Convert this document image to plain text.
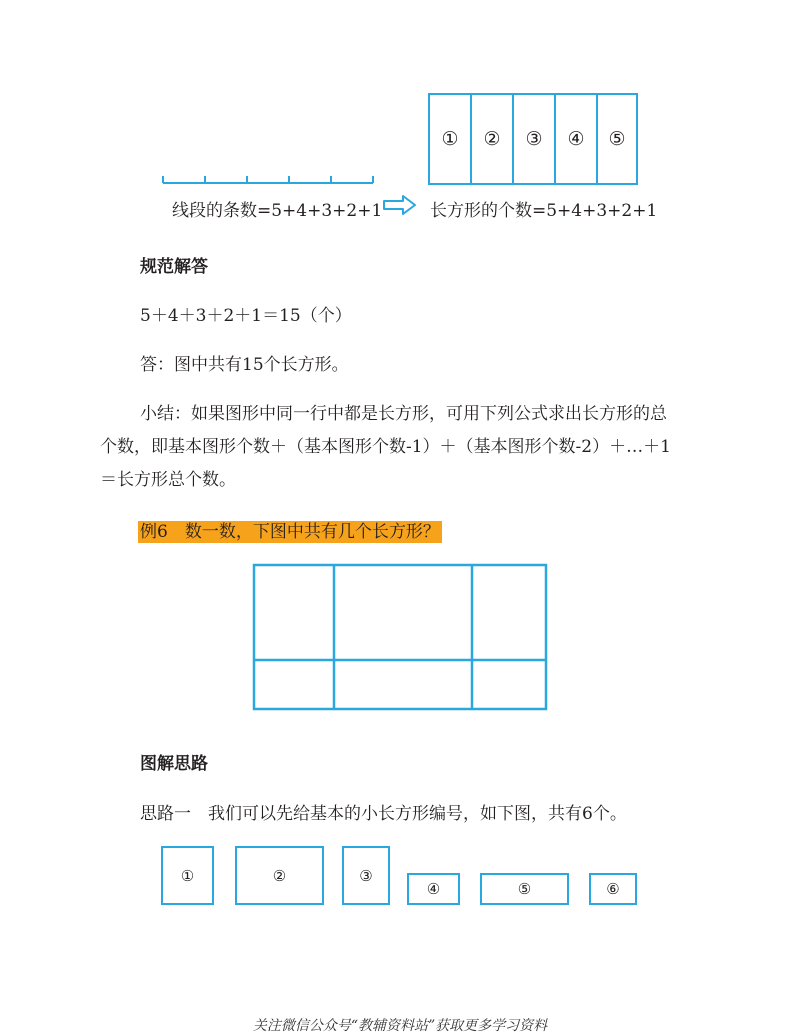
线段的条数=5+4+3+2+1	长方形的个数=5+4+3+2+1
①	②	③	④	⑤
规范解答
5＋4＋3＋2＋1＝15（个）
答：图中共有15个长方形。
小结：如果图形中同一行中都是长方形，可用下列公式求出长方形的总个数，即基本图形个数＋（基本图形个数-1）＋（基本图形个数-2）＋…＋1＝长方形总个数。
例6　数一数，下图中共有几个长方形？
图解思路
思路一　我们可以先给基本的小长方形编号，如下图，共有6个。
①	②	③
④	⑤	⑥
关注微信公众号“教辅资料站”获取更多学习资料
